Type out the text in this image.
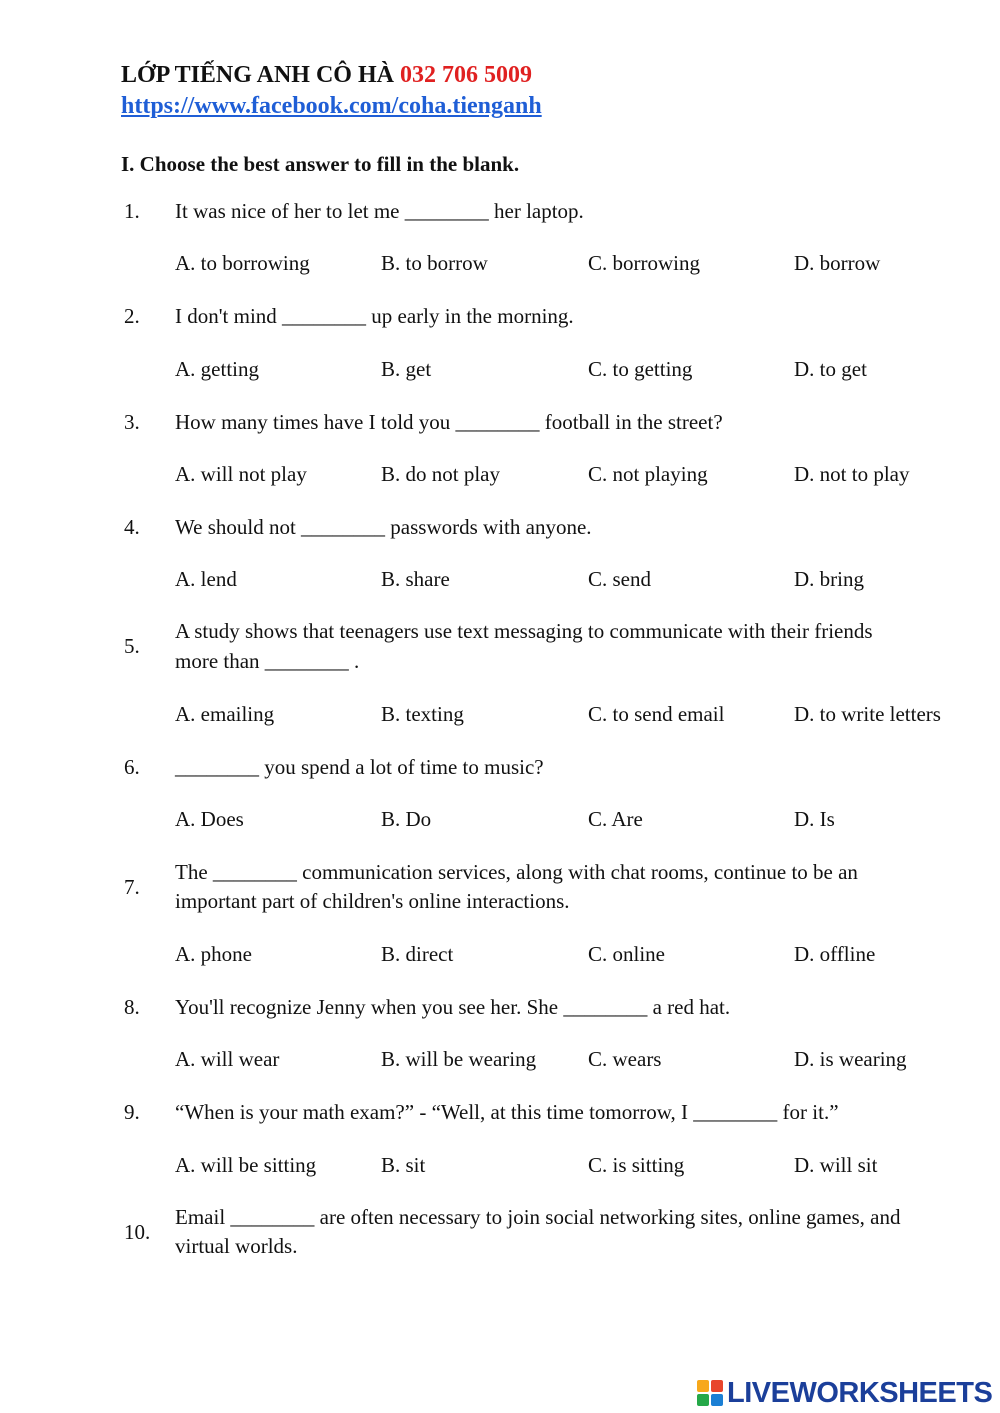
LỚP TIẾNG ANH CÔ HÀ 032 706 5009
https://www.facebook.com/coha.tienganh
I. Choose the best answer to fill in the blank.
1. It was nice of her to let me ________ her laptop.
A. to borrowing	B. to borrow	C. borrowing	D. borrow
2. I don't mind ________ up early in the morning.
A. getting	B. get	C. to getting	D. to get
3. How many times have I told you ________ football in the street?
A. will not play	B. do not play	C. not playing	D. not to play
4. We should not ________ passwords with anyone.
A. lend	B. share	C. send	D. bring
5.
A study shows that teenagers use text messaging to communicate with their friends
more than ________ .
A. emailing	B. texting	C. to send email	D. to write letters
6. ________ you spend a lot of time to music?
A. Does	B. Do	C. Are	D. Is
7.
The ________ communication services, along with chat rooms, continue to be an
important part of children's online interactions.
A. phone	B. direct	C. online	D. offline
8. You'll recognize Jenny when you see her. She ________ a red hat.
A. will wear	B. will be wearing C. wears	D. is wearing
9. “When is your math exam?” - “Well, at this time tomorrow, I ________ for it.”
A. will be sitting	B. sit	C. is sitting	D. will sit
10.
Email ________ are often necessary to join social networking sites, online games, and
virtual worlds.
LIVEWORKSHEETS
